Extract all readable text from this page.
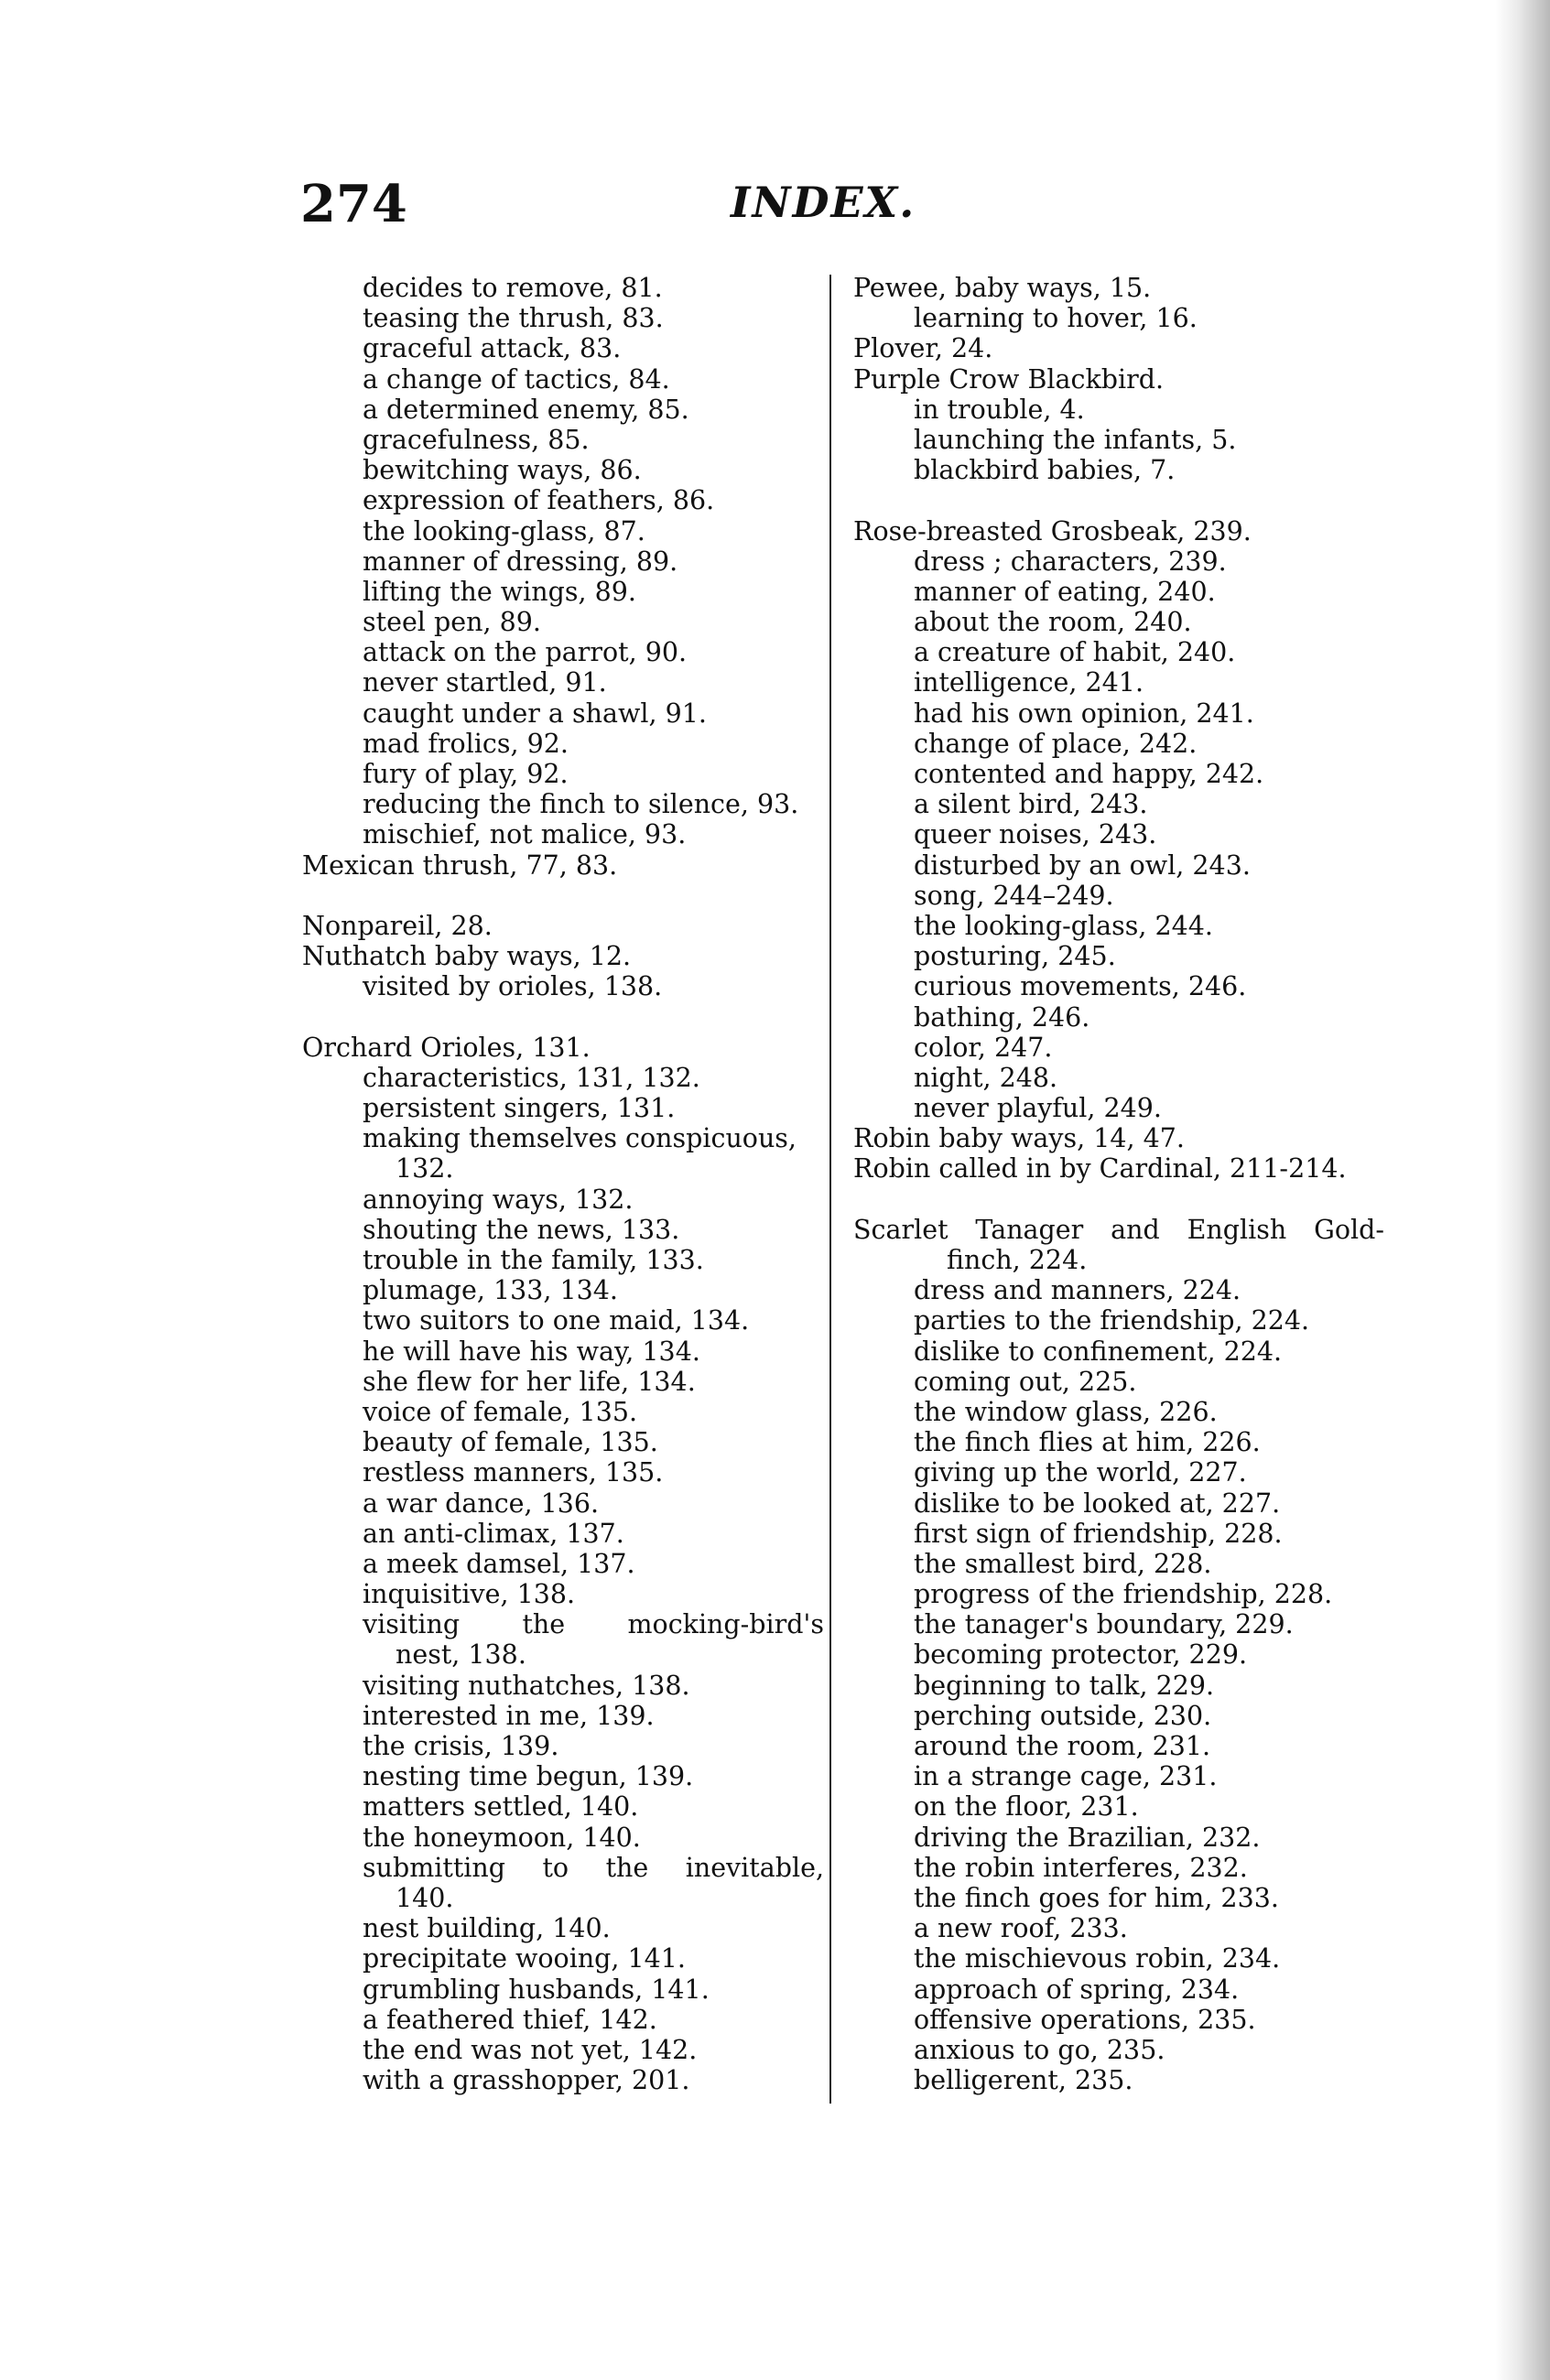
274	INDEX.
decides to remove, 81.
teasing the thrush, 83.
graceful attack, 83.
a change of tactics, 84.
a determined enemy, 85.
gracefulness, 85.
bewitching ways, 86.
expression of feathers, 86.
the looking-glass, 87.
manner of dressing, 89.
lifting the wings, 89.
steel pen, 89.
attack on the parrot, 90.
never startled, 91.
caught under a shawl, 91.
mad frolics, 92.
fury of play, 92.
reducing the finch to silence, 93.
mischief, not malice, 93.
Mexican thrush, 77, 83.
Nonpareil, 28.
Nuthatch baby ways, 12.
visited by orioles, 138.
Orchard Orioles, 131.
characteristics, 131, 132.
persistent singers, 131.
making themselves conspicuous,
132.
annoying ways, 132.
shouting the news, 133.
trouble in the family, 133.
plumage, 133, 134.
two suitors to one maid, 134.
he will have his way, 134.
she flew for her life, 134.
voice of female, 135.
beauty of female, 135.
restless manners, 135.
a war dance, 136.
an anti-climax, 137.
a meek damsel, 137.
inquisitive, 138.
visiting the mocking-bird's
nest, 138.
visiting nuthatches, 138.
interested in me, 139.
the crisis, 139.
nesting time begun, 139.
matters settled, 140.
the honeymoon, 140.
submitting to the inevitable,
140.
nest building, 140.
precipitate wooing, 141.
grumbling husbands, 141.
a feathered thief, 142.
the end was not yet, 142.
with a grasshopper, 201.
Pewee, baby ways, 15.
learning to hover, 16.
Plover, 24.
Purple Crow Blackbird.
in trouble, 4.
launching the infants, 5.
blackbird babies, 7.
Rose-breasted Grosbeak, 239.
dress ; characters, 239.
manner of eating, 240.
about the room, 240.
a creature of habit, 240.
intelligence, 241.
had his own opinion, 241.
change of place, 242.
contented and happy, 242.
a silent bird, 243.
queer noises, 243.
disturbed by an owl, 243.
song, 244–249.
the looking-glass, 244.
posturing, 245.
curious movements, 246.
bathing, 246.
color, 247.
night, 248.
never playful, 249.
Robin baby ways, 14, 47.
Robin called in by Cardinal, 211-214.
Scarlet Tanager and English Gold-
finch, 224.
dress and manners, 224.
parties to the friendship, 224.
dislike to confinement, 224.
coming out, 225.
the window glass, 226.
the finch flies at him, 226.
giving up the world, 227.
dislike to be looked at, 227.
first sign of friendship, 228.
the smallest bird, 228.
progress of the friendship, 228.
the tanager's boundary, 229.
becoming protector, 229.
beginning to talk, 229.
perching outside, 230.
around the room, 231.
in a strange cage, 231.
on the floor, 231.
driving the Brazilian, 232.
the robin interferes, 232.
the finch goes for him, 233.
a new roof, 233.
the mischievous robin, 234.
approach of spring, 234.
offensive operations, 235.
anxious to go, 235.
belligerent, 235.
